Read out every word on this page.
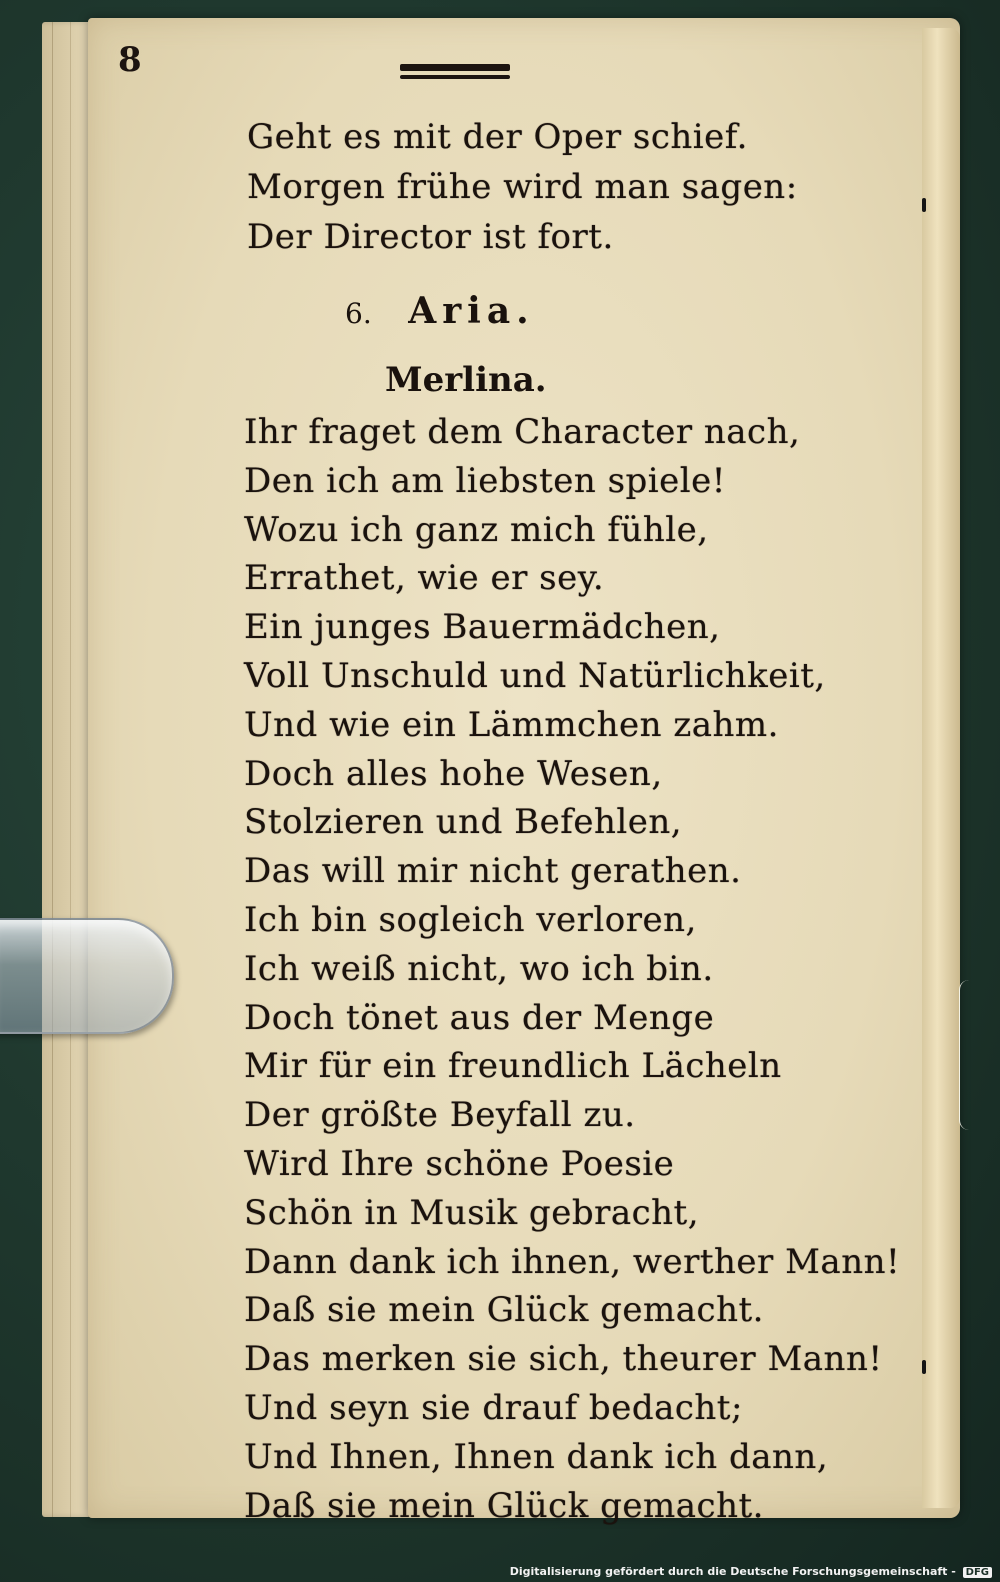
8
Geht es mit der Oper schief.
Morgen frühe wird man sagen:
Der Director ist fort.
6. Aria.
Merlina.
Ihr fraget dem Character nach,
Den ich am liebsten spiele!
Wozu ich ganz mich fühle,
Errathet, wie er sey.
Ein junges Bauermädchen,
Voll Unschuld und Natürlichkeit,
Und wie ein Lämmchen zahm.
Doch alles hohe Wesen,
Stolzieren und Befehlen,
Das will mir nicht gerathen.
Ich bin sogleich verloren,
Ich weiß nicht, wo ich bin.
Doch tönet aus der Menge
Mir für ein freundlich Lächeln
Der größte Beyfall zu.
Wird Ihre schöne Poesie
Schön in Musik gebracht,
Dann dank ich ihnen, werther Mann!
Daß sie mein Glück gemacht.
Das merken sie sich, theurer Mann!
Und seyn sie drauf bedacht;
Und Ihnen, Ihnen dank ich dann,
Daß sie mein Glück gemacht.
Digitalisierung gefördert durch die Deutsche Forschungsgemeinschaft - DFG
